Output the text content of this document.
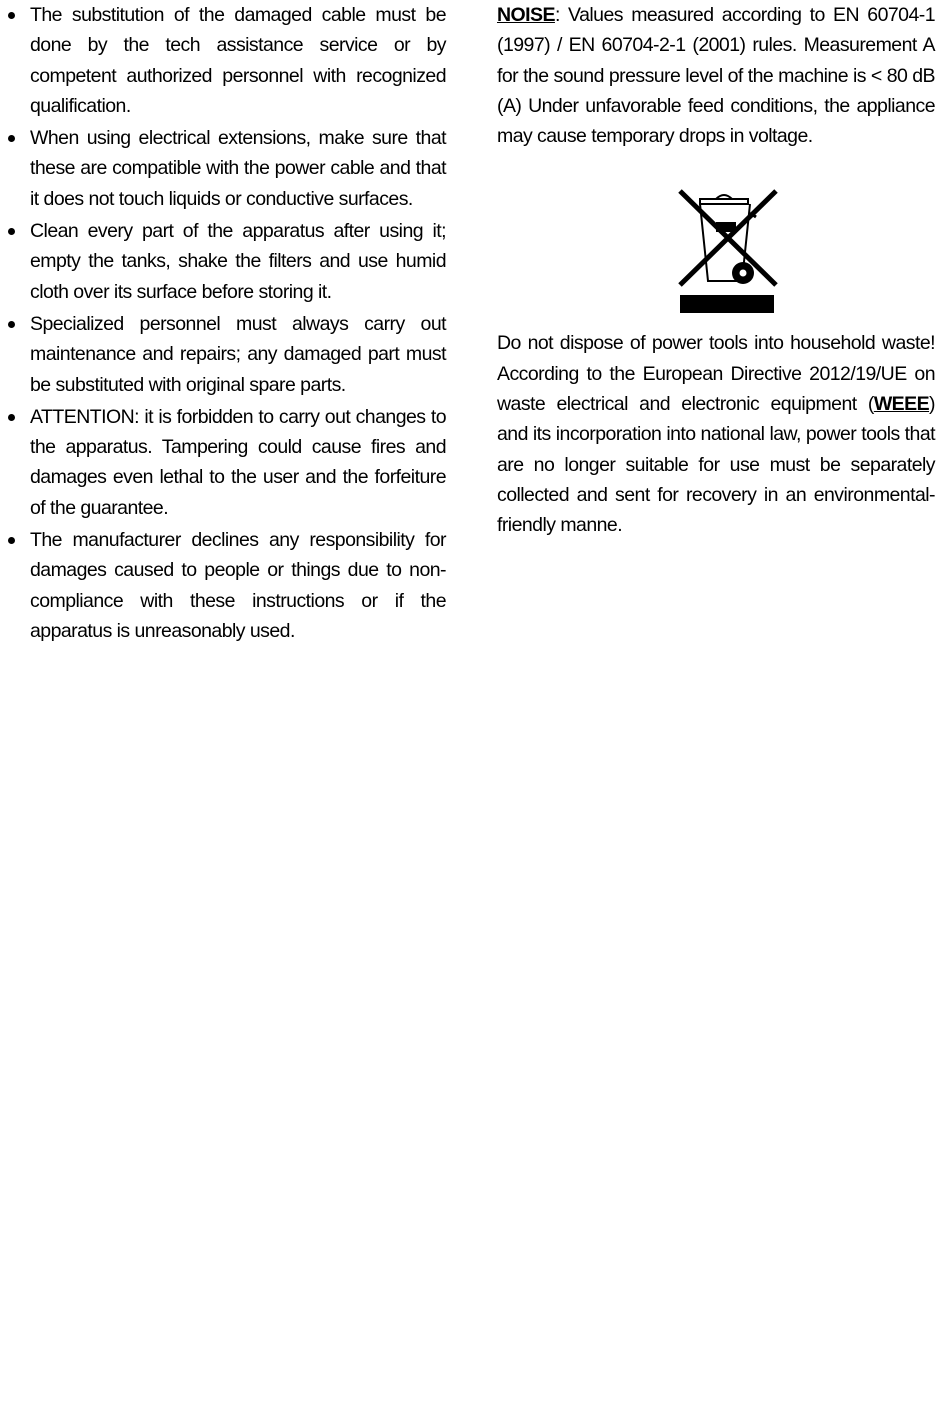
The substitution of the damaged cable must be done by the tech assistance service or by competent authorized personnel with recognized qualification.
When using electrical extensions, make sure that these are compatible with the power cable and that it does not touch liquids or conductive surfaces.
Clean every part of the apparatus after using it; empty the tanks, shake the filters and use humid cloth over its surface before storing it.
Specialized personnel must always carry out maintenance and repairs; any damaged part must be substituted with original spare parts.
ATTENTION: it is forbidden to carry out changes to the apparatus. Tampering could cause fires and damages even lethal to the user and the forfeiture of the guarantee.
The manufacturer declines any responsibility for damages caused to people or things due to non-compliance with these instructions or if the apparatus is unreasonably used.

NOISE: Values measured according to EN 60704-1 (1997) / EN 60704-2-1 (2001) rules. Measurement A for the sound pressure level of the machine is < 80 dB (A) Under unfavorable feed conditions, the appliance may cause temporary drops in voltage.

Do not dispose of power tools into household waste! According to the European Directive 2012/19/UE on waste electrical and electronic equipment (WEEE) and its incorporation into national law, power tools that are no longer suitable for use must be separately collected and sent for recovery in an environmental- friendly manne.
